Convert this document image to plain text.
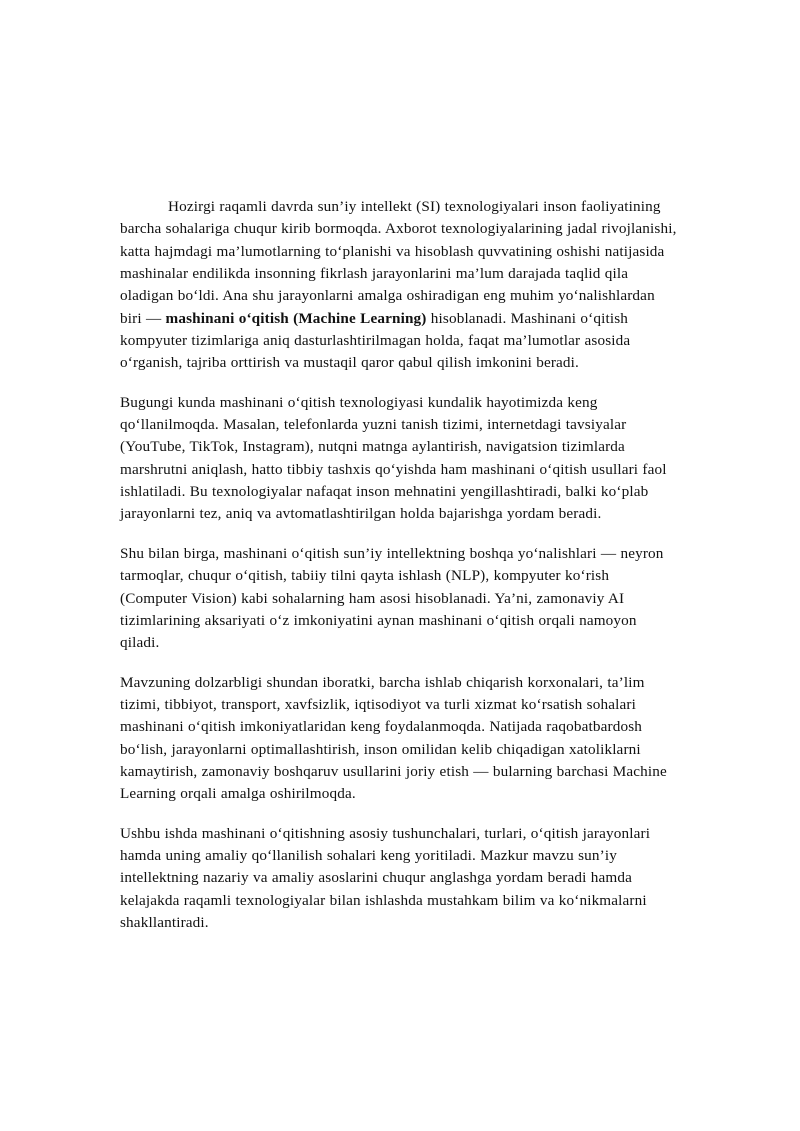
Hozirgi raqamli davrda sun’iy intellekt (SI) texnologiyalari inson faoliyatining barcha sohalariga chuqur kirib bormoqda. Axborot texnologiyalarining jadal rivojlanishi, katta hajmdagi ma’lumotlarning to‘planishi va hisoblash quvvatining oshishi natijasida mashinalar endilikda insonning fikrlash jarayonlarini ma’lum darajada taqlid qila oladigan bo‘ldi. Ana shu jarayonlarni amalga oshiradigan eng muhim yo‘nalishlardan biri — mashinani o‘qitish (Machine Learning) hisoblanadi. Mashinani o‘qitish kompyuter tizimlariga aniq dasturlashtirilmagan holda, faqat ma’lumotlar asosida o‘rganish, tajriba orttirish va mustaqil qaror qabul qilish imkonini beradi.

Bugungi kunda mashinani o‘qitish texnologiyasi kundalik hayotimizda keng qo‘llanilmoqda. Masalan, telefonlarda yuzni tanish tizimi, internetdagi tavsiyalar (YouTube, TikTok, Instagram), nutqni matnga aylantirish, navigatsion tizimlarda marshrutni aniqlash, hatto tibbiy tashxis qo‘yishda ham mashinani o‘qitish usullari faol ishlatiladi. Bu texnologiyalar nafaqat inson mehnatini yengillashtiradi, balki ko‘plab jarayonlarni tez, aniq va avtomatlashtirilgan holda bajarishga yordam beradi.

Shu bilan birga, mashinani o‘qitish sun’iy intellektning boshqa yo‘nalishlari — neyron tarmoqlar, chuqur o‘qitish, tabiiy tilni qayta ishlash (NLP), kompyuter ko‘rish (Computer Vision) kabi sohalarning ham asosi hisoblanadi. Ya’ni, zamonaviy AI tizimlarining aksariyati o‘z imkoniyatini aynan mashinani o‘qitish orqali namoyon qiladi.

Mavzuning dolzarbligi shundan iboratki, barcha ishlab chiqarish korxonalari, ta’lim tizimi, tibbiyot, transport, xavfsizlik, iqtisodiyot va turli xizmat ko‘rsatish sohalari mashinani o‘qitish imkoniyatlaridan keng foydalanmoqda. Natijada raqobatbardosh bo‘lish, jarayonlarni optimallashtirish, inson omilidan kelib chiqadigan xatoliklarni kamaytirish, zamonaviy boshqaruv usullarini joriy etish — bularning barchasi Machine Learning orqali amalga oshirilmoqda.

Ushbu ishda mashinani o‘qitishning asosiy tushunchalari, turlari, o‘qitish jarayonlari hamda uning amaliy qo‘llanilish sohalari keng yoritiladi. Mazkur mavzu sun’iy intellektning nazariy va amaliy asoslarini chuqur anglashga yordam beradi hamda kelajakda raqamli texnologiyalar bilan ishlashda mustahkam bilim va ko‘nikmalarni shakllantiradi.
